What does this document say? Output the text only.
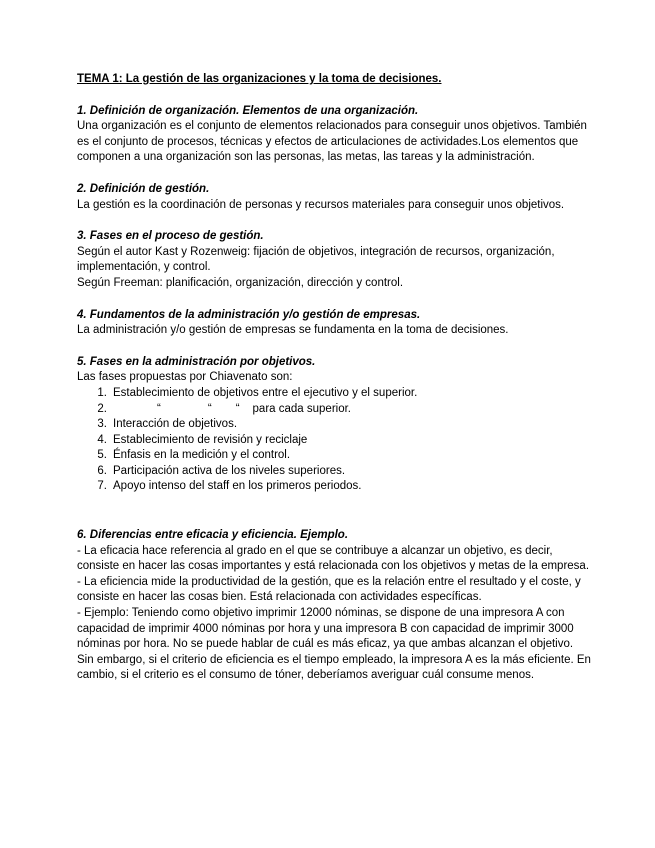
TEMA 1: La gestión de las organizaciones y la toma de decisiones.

1. Definición de organización. Elementos de una organización.

Una organización es el conjunto de elementos relacionados para conseguir unos objetivos. También es el conjunto de procesos, técnicas y efectos de articulaciones de actividades.Los elementos que componen a una organización son las personas, las metas, las tareas y la administración.

2. Definición de gestión.

La gestión es la coordinación de personas y recursos materiales para conseguir unos objetivos.

3. Fases en el proceso de gestión.

Según el autor Kast y Rozenweig: fijación de objetivos, integración de recursos, organización, implementación, y control.

Según Freeman: planificación, organización, dirección y control.

4. Fundamentos de la administración y/o gestión de empresas.

La administración y/o gestión de empresas se fundamenta en la toma de decisiones.

5. Fases en la administración por objetivos.

Las fases propuestas por Chiavenato son:

1. Establecimiento de objetivos entre el ejecutivo y el superior.
2.	“	“ “ para cada superior.
3. Interacción de objetivos.
4. Establecimiento de revisión y reciclaje
5. Énfasis en la medición y el control.
6. Participación activa de los niveles superiores.
7. Apoyo intenso del staff en los primeros periodos.

6. Diferencias entre eficacia y eficiencia. Ejemplo.

- La eficacia hace referencia al grado en el que se contribuye a alcanzar un objetivo, es decir, consiste en hacer las cosas importantes y está relacionada con los objetivos y metas de la empresa.

- La eficiencia mide la productividad de la gestión, que es la relación entre el resultado y el coste, y consiste en hacer las cosas bien. Está relacionada con actividades específicas.

- Ejemplo: Teniendo como objetivo imprimir 12000 nóminas, se dispone de una impresora A con capacidad de imprimir 4000 nóminas por hora y una impresora B con capacidad de imprimir 3000 nóminas por hora. No se puede hablar de cuál es más eficaz, ya que ambas alcanzan el objetivo. Sin embargo, si el criterio de eficiencia es el tiempo empleado, la impresora A es la más eficiente. En cambio, si el criterio es el consumo de tóner, deberíamos averiguar cuál consume menos.
